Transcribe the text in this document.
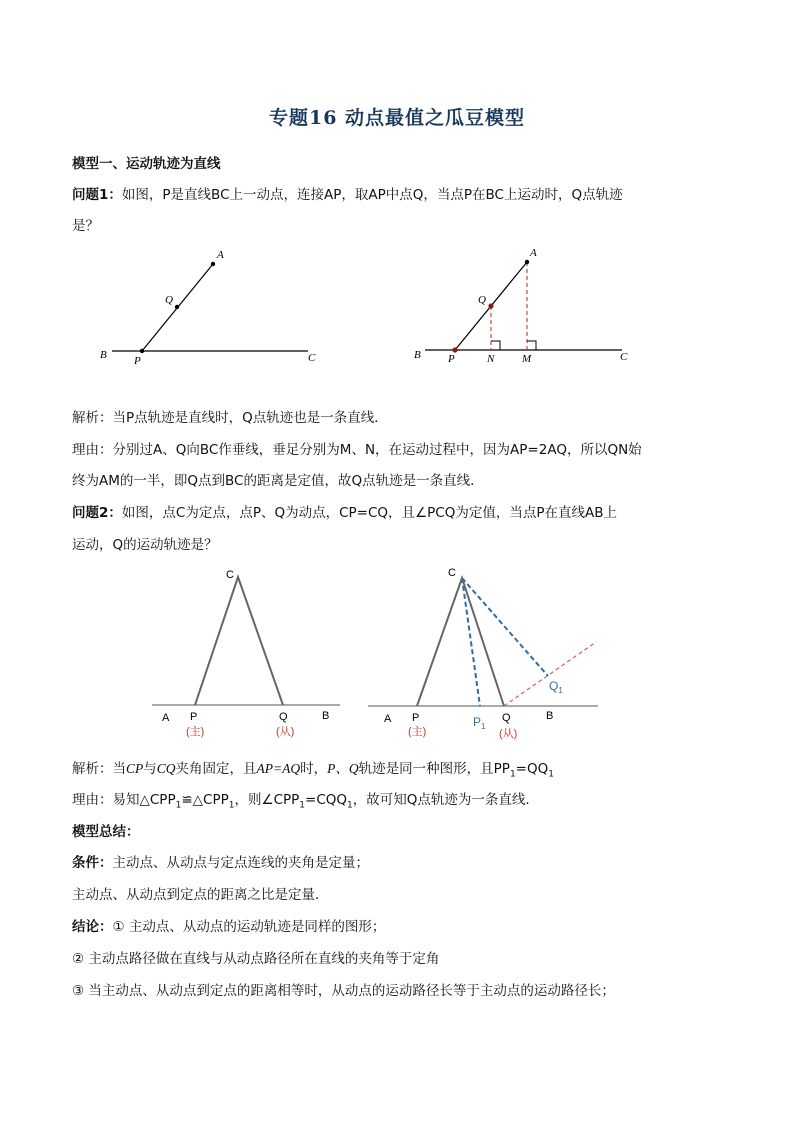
专题16 动点最值之瓜豆模型
模型一、运动轨迹为直线
问题1：如图，P是直线BC上一动点，连接AP，取AP中点Q，当点P在BC上运动时，Q点轨迹
是？
A
Q
B P	C
A
Q
B P	N	M	C
解析：当P点轨迹是直线时，Q点轨迹也是一条直线．
理由：分别过A、Q向BC作垂线，垂足分别为M、N，在运动过程中，因为AP=2AQ，所以QN始
终为AM的一半，即Q点到BC的距离是定值，故Q点轨迹是一条直线．
问题2：如图，点C为定点，点P、Q为动点，CP=CQ，且∠PCQ为定值，当点P在直线AB上
运动，Q的运动轨迹是？
C
A P	Q	B
(主)	(从)
C
A P	$P_1$
Q	B
$Q_1$
(主)	(从)
解析：当CP与CQ夹角固定，且AP=AQ时，P、Q轨迹是同一种图形，且$PP_1=QQ_1$
理由：易知$\triangle CPP_1≌\triangle CPP_1$，则$\angle CPP_1=CQQ_1$，故可知Q点轨迹为一条直线.
模型总结：
条件：主动点、从动点与定点连线的夹角是定量；
主动点、从动点到定点的距离之比是定量．
结论：① 主动点、从动点的运动轨迹是同样的图形；
② 主动点路径做在直线与从动点路径所在直线的夹角等于定角
③ 当主动点、从动点到定点的距离相等时，从动点的运动路径长等于主动点的运动路径长；
